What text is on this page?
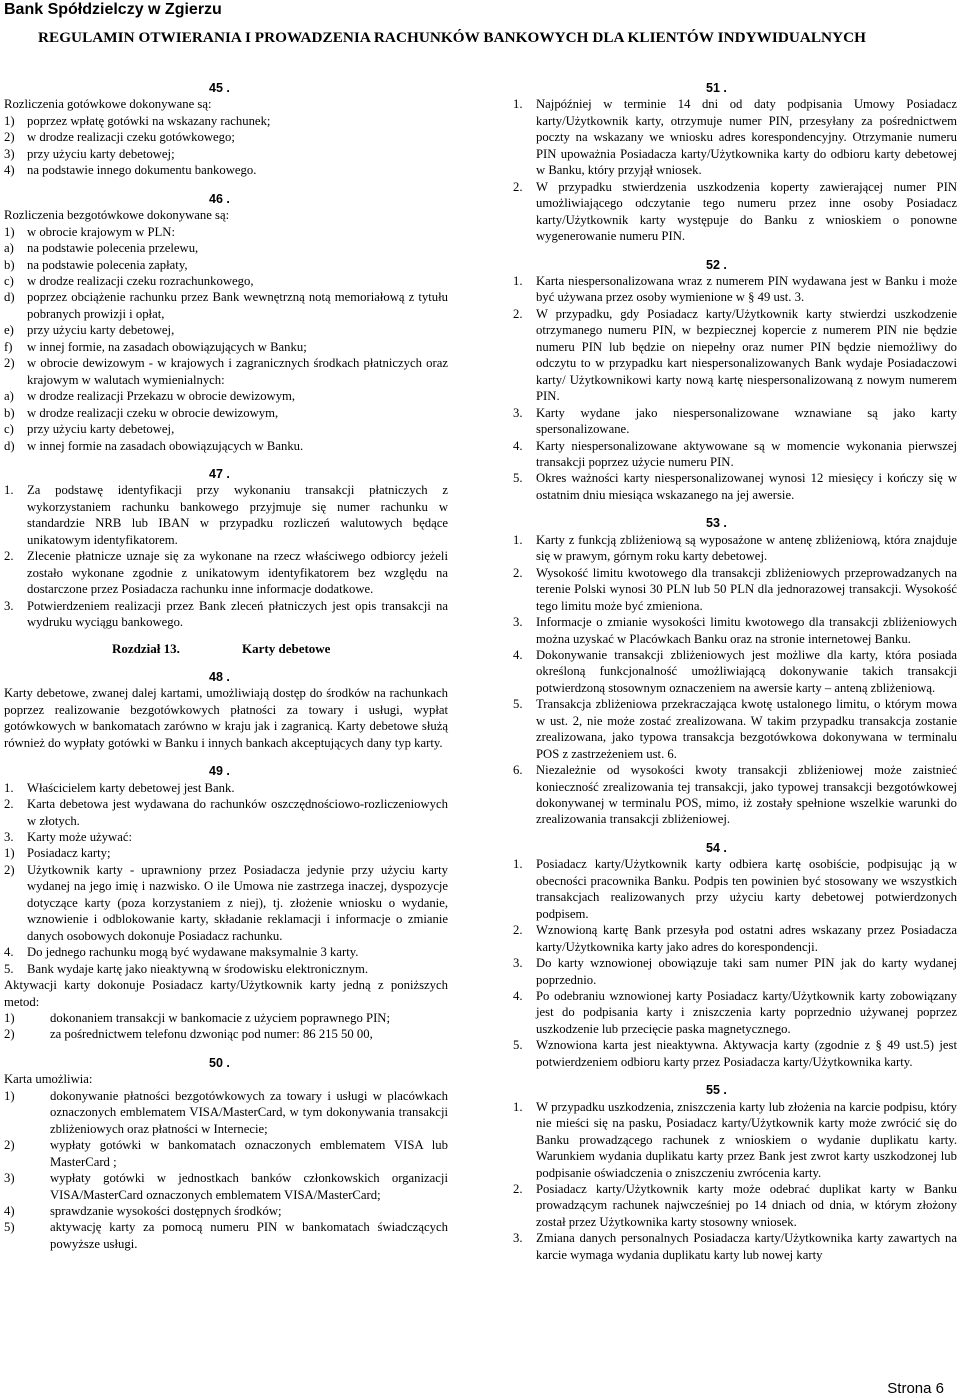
Bank Spółdzielczy w Zgierzu
REGULAMIN OTWIERANIA I PROWADZENIA RACHUNKÓW BANKOWYCH DLA KLIENTÓW INDYWIDUALNYCH
45 .
Rozliczenia gotówkowe dokonywane są:
1) poprzez wpłatę gotówki na wskazany rachunek;
2) w drodze realizacji czeku gotówkowego;
3) przy użyciu karty debetowej;
4) na podstawie innego dokumentu bankowego.
46 .
Rozliczenia bezgotówkowe dokonywane są:
1) w obrocie krajowym w PLN:
a)	na podstawie polecenia przelewu,
b) na podstawie polecenia zapłaty,
c)	w drodze realizacji czeku rozrachunkowego,
d) poprzez obciążenie rachunku przez Bank wewnętrzną notą memoriałową z tytułu pobranych prowizji i opłat,
e)	przy użyciu karty debetowej,
f)	w innej formie, na zasadach obowiązujących w Banku;
2) w obrocie dewizowym - w krajowych i zagranicznych środkach płatniczych oraz krajowym w walutach wymienialnych:
a)	w drodze realizacji Przekazu w obrocie dewizowym,
b) w drodze realizacji czeku w obrocie dewizowym,
c)	przy użyciu karty debetowej,
d) w innej formie na zasadach obowiązujących w Banku.
47 .
1.	Za podstawę identyfikacji przy wykonaniu transakcji płatniczych z wykorzystaniem rachunku bankowego przyjmuje się numer rachunku w standardzie NRB lub IBAN w przypadku rozliczeń walutowych będące unikatowym identyfikatorem.
2.	Zlecenie płatnicze uznaje się za wykonane na rzecz właściwego odbiorcy jeżeli zostało wykonane zgodnie z unikatowym identyfikatorem bez względu na dostarczone przez Posiadacza rachunku inne informacje dodatkowe.
3.	Potwierdzeniem realizacji przez Bank zleceń płatniczych jest opis transakcji na wydruku wyciągu bankowego.
Rozdział 13.	Karty debetowe
48 .
Karty debetowe, zwanej dalej kartami, umożliwiają dostęp do środków na rachunkach poprzez realizowanie bezgotówkowych płatności za towary i usługi, wypłat gotówkowych w bankomatach zarówno w kraju jak i zagranicą. Karty debetowe służą również do wypłaty gotówki w Banku i innych bankach akceptujących dany typ karty.
49 .
1.	Właścicielem karty debetowej jest Bank.
2.	Karta debetowa jest wydawana do rachunków oszczędnościowo-rozliczeniowych w złotych.
3.	Karty może używać:
1) Posiadacz karty;
2) Użytkownik karty - uprawniony przez Posiadacza jedynie przy użyciu karty wydanej na jego imię i nazwisko. O ile Umowa nie zastrzega inaczej, dyspozycje dotyczące karty (poza korzystaniem z niej), tj. złożenie wniosku o wydanie, wznowienie i odblokowanie karty, składanie reklamacji i informacje o zmianie danych osobowych dokonuje Posiadacz rachunku.
4.	Do jednego rachunku mogą być wydawane maksymalnie 3 karty.
5.	Bank wydaje kartę jako nieaktywną w środowisku elektronicznym.
Aktywacji karty dokonuje Posiadacz karty/Użytkownik karty jedną z poniższych metod:
1)	dokonaniem transakcji w bankomacie z użyciem poprawnego PIN;
2)	za pośrednictwem telefonu dzwoniąc pod numer: 86 215 50 00,
50 .
Karta umożliwia:
1)	dokonywanie płatności bezgotówkowych za towary i usługi w placówkach oznaczonych emblematem VISA/MasterCard, w tym dokonywania transakcji zbliżeniowych oraz płatności w Internecie;
2)	wypłaty gotówki w bankomatach oznaczonych emblematem VISA lub MasterCard ;
3)	wypłaty gotówki w jednostkach banków członkowskich organizacji VISA/MasterCard oznaczonych emblematem VISA/MasterCard;
4)	sprawdzanie wysokości dostępnych środków;
5)	aktywację karty za pomocą numeru PIN w bankomatach świadczących powyższe usługi.
51 .
1.	Najpóźniej w terminie 14 dni od daty podpisania Umowy Posiadacz karty/Użytkownik karty, otrzymuje numer PIN, przesyłany za pośrednictwem poczty na wskazany we wniosku adres korespondencyjny. Otrzymanie numeru PIN upoważnia Posiadacza karty/Użytkownika karty do odbioru karty debetowej w Banku, który przyjął wniosek.
2.	W przypadku stwierdzenia uszkodzenia koperty zawierającej numer PIN umożliwiającego odczytanie tego numeru przez inne osoby Posiadacz karty/Użytkownik karty występuje do Banku z wnioskiem o ponowne wygenerowanie numeru PIN.
52 .
1.	Karta niespersonalizowana wraz z numerem PIN wydawana jest w Banku i może być używana przez osoby wymienione w § 49 ust. 3.
2.	W przypadku, gdy Posiadacz karty/Użytkownik karty stwierdzi uszkodzenie otrzymanego numeru PIN, w bezpiecznej kopercie z numerem PIN nie będzie numeru PIN lub będzie on niepełny oraz numer PIN będzie niemożliwy do odczytu to w przypadku kart niespersonalizowanych Bank wydaje Posiadaczowi karty/ Użytkownikowi karty nową kartę niespersonalizowaną z nowym numerem PIN.
3.	Karty wydane jako niespersonalizowane wznawiane są jako karty spersonalizowane.
4.	Karty niespersonalizowane aktywowane są w momencie wykonania pierwszej transakcji poprzez użycie numeru PIN.
5.	Okres ważności karty niespersonalizowanej wynosi 12 miesięcy i kończy się w ostatnim dniu miesiąca wskazanego na jej awersie.
53 .
1.	Karty z funkcją zbliżeniową są wyposażone w antenę zbliżeniową, która znajduje się w prawym, górnym roku karty debetowej.
2.	Wysokość limitu kwotowego dla transakcji zbliżeniowych przeprowadzanych na terenie Polski wynosi 30 PLN lub 50 PLN dla jednorazowej transakcji. Wysokość tego limitu może być zmieniona.
3.	Informacje o zmianie wysokości limitu kwotowego dla transakcji zbliżeniowych można uzyskać w Placówkach Banku oraz na stronie internetowej Banku.
4.	Dokonywanie transakcji zbliżeniowych jest możliwe dla karty, która posiada określoną funkcjonalność umożliwiającą dokonywanie takich transakcji potwierdzoną stosownym oznaczeniem na awersie karty – anteną zbliżeniową.
5.	Transakcja zbliżeniowa przekraczająca kwotę ustalonego limitu, o którym mowa w ust. 2, nie może zostać zrealizowana. W takim przypadku transakcja zostanie zrealizowana, jako typowa transakcja bezgotówkowa dokonywana w terminalu POS z zastrzeżeniem ust. 6.
6.	Niezależnie od wysokości kwoty transakcji zbliżeniowej może zaistnieć konieczność zrealizowania tej transakcji, jako typowej transakcji bezgotówkowej dokonywanej w terminalu POS, mimo, iż zostały spełnione wszelkie warunki do zrealizowania transakcji zbliżeniowej.
54 .
1.	Posiadacz karty/Użytkownik karty odbiera kartę osobiście, podpisując ją w obecności pracownika Banku. Podpis ten powinien być stosowany we wszystkich transakcjach realizowanych przy użyciu karty debetowej potwierdzonych podpisem.
2.	Wznowioną kartę Bank przesyła pod ostatni adres wskazany przez Posiadacza karty/Użytkownika karty jako adres do korespondencji.
3.	Do karty wznowionej obowiązuje taki sam numer PIN jak do karty wydanej poprzednio.
4.	Po odebraniu wznowionej karty Posiadacz karty/Użytkownik karty zobowiązany jest do podpisania karty i zniszczenia karty poprzednio używanej poprzez uszkodzenie lub przecięcie paska magnetycznego.
5.	Wznowiona karta jest nieaktywna. Aktywacja karty (zgodnie z § 49 ust.5) jest potwierdzeniem odbioru karty przez Posiadacza karty/Użytkownika karty.
55 .
1.	W przypadku uszkodzenia, zniszczenia karty lub złożenia na karcie podpisu, który nie mieści się na pasku, Posiadacz karty/Użytkownik karty może zwrócić się do Banku prowadzącego rachunek z wnioskiem o wydanie duplikatu karty. Warunkiem wydania duplikatu karty przez Bank jest zwrot karty uszkodzonej lub podpisanie oświadczenia o zniszczeniu zwrócenia karty.
2.	Posiadacz karty/Użytkownik karty może odebrać duplikat karty w Banku prowadzącym rachunek najwcześniej po 14 dniach od dnia, w którym złożony został przez Użytkownika karty stosowny wniosek.
3.	Zmiana danych personalnych Posiadacza karty/Użytkownika karty zawartych na karcie wymaga wydania duplikatu karty lub nowej karty
Strona 6
